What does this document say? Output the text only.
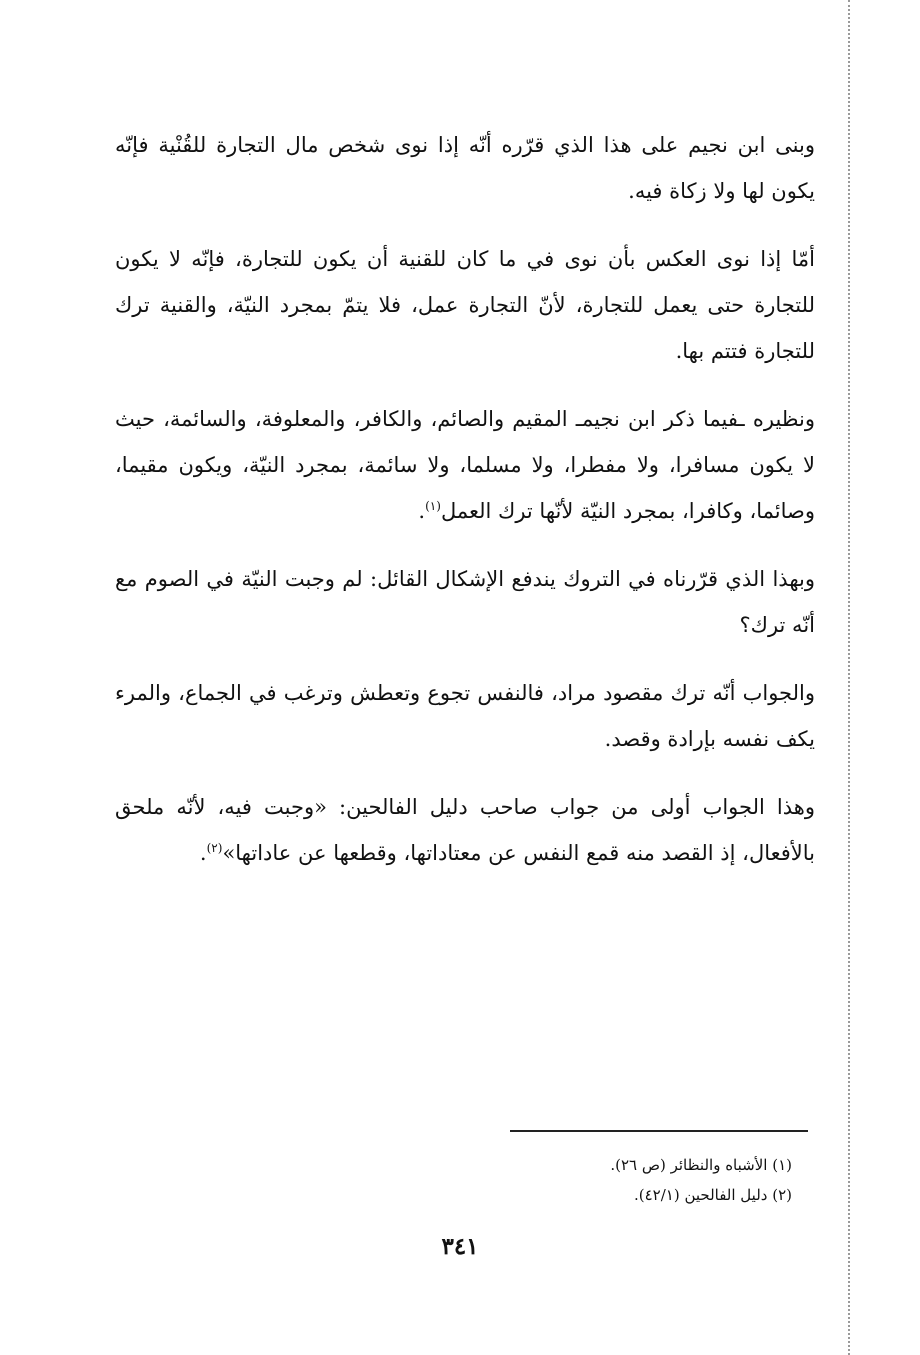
وبنى ابن نجيم على هذا الذي قرّره أنّه إذا نوى شخص مال التجارة للقُنْية فإنّه يكون لها ولا زكاة فيه.

أمّا إذا نوى العكس بأن نوى في ما كان للقنية أن يكون للتجارة، فإنّه لا يكون للتجارة حتى يعمل للتجارة، لأنّ التجارة عمل، فلا يتمّ بمجرد النيّة، والقنية ترك للتجارة فتتم بها.

ونظيره ـفيما ذكر ابن نجيمـ المقيم والصائم، والكافر، والمعلوفة، والسائمة، حيث لا يكون مسافرا، ولا مفطرا، ولا مسلما، ولا سائمة، بمجرد النيّة، ويكون مقيما، وصائما، وكافرا، بمجرد النيّة لأنّها ترك العمل$^{(١)}$.

وبهذا الذي قرّرناه في التروك يندفع الإشكال القائل: لم وجبت النيّة في الصوم مع أنّه ترك؟

والجواب أنّه ترك مقصود مراد، فالنفس تجوع وتعطش وترغب في الجماع، والمرء يكف نفسه بإرادة وقصد.

وهذا الجواب أولى من جواب صاحب دليل الفالحين: «وجبت فيه، لأنّه ملحق بالأفعال، إذ القصد منه قمع النفس عن معتاداتها، وقطعها عن عاداتها»$^{(٢)}$.

(١) الأشباه والنظائر (ص ٢٦).

(٢) دليل الفالحين (٤٢/١).

٣٤١
